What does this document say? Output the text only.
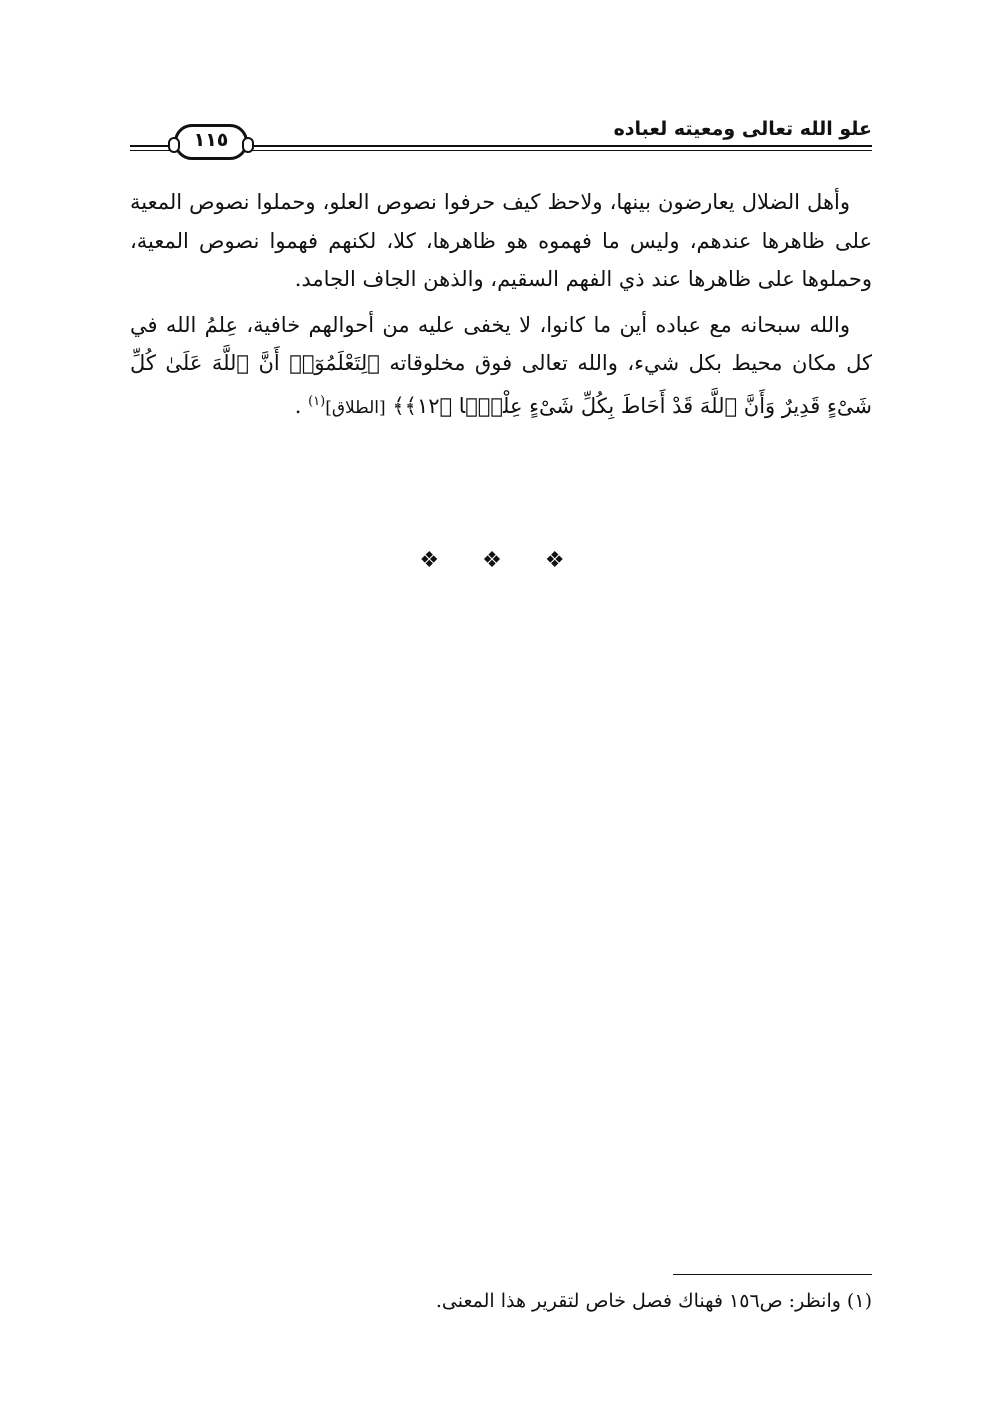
علو الله تعالى ومعيته لعباده
١١٥

وأهل الضلال يعارضون بينها، ولاحظ كيف حرفوا نصوص العلو، وحملوا نصوص المعية على ظاهرها عندهم، وليس ما فهموه هو ظاهرها، كلا، لكنهم فهموا نصوص المعية، وحملوها على ظاهرها عند ذي الفهم السقيم، والذهن الجاف الجامد.

والله سبحانه مع عباده أين ما كانوا، لا يخفى عليه من أحوالهم خافية، عِلمُ الله في كل مكان محيط بكل شيء، والله تعالى فوق مخلوقاته ﴿لِتَعْلَمُوٓا۟ أَنَّ ٱللَّهَ عَلَىٰ كُلِّ شَىْءٍ قَدِيرٌ وَأَنَّ ٱللَّهَ قَدْ أَحَاطَ بِكُلِّ شَىْءٍ عِلْمًۢا ﴿١٢﴾﴾ [الطلاق]$^{(١)}$ .

❖ ❖ ❖
(١) وانظر: ص١٥٦ فهناك فصل خاص لتقرير هذا المعنى.
